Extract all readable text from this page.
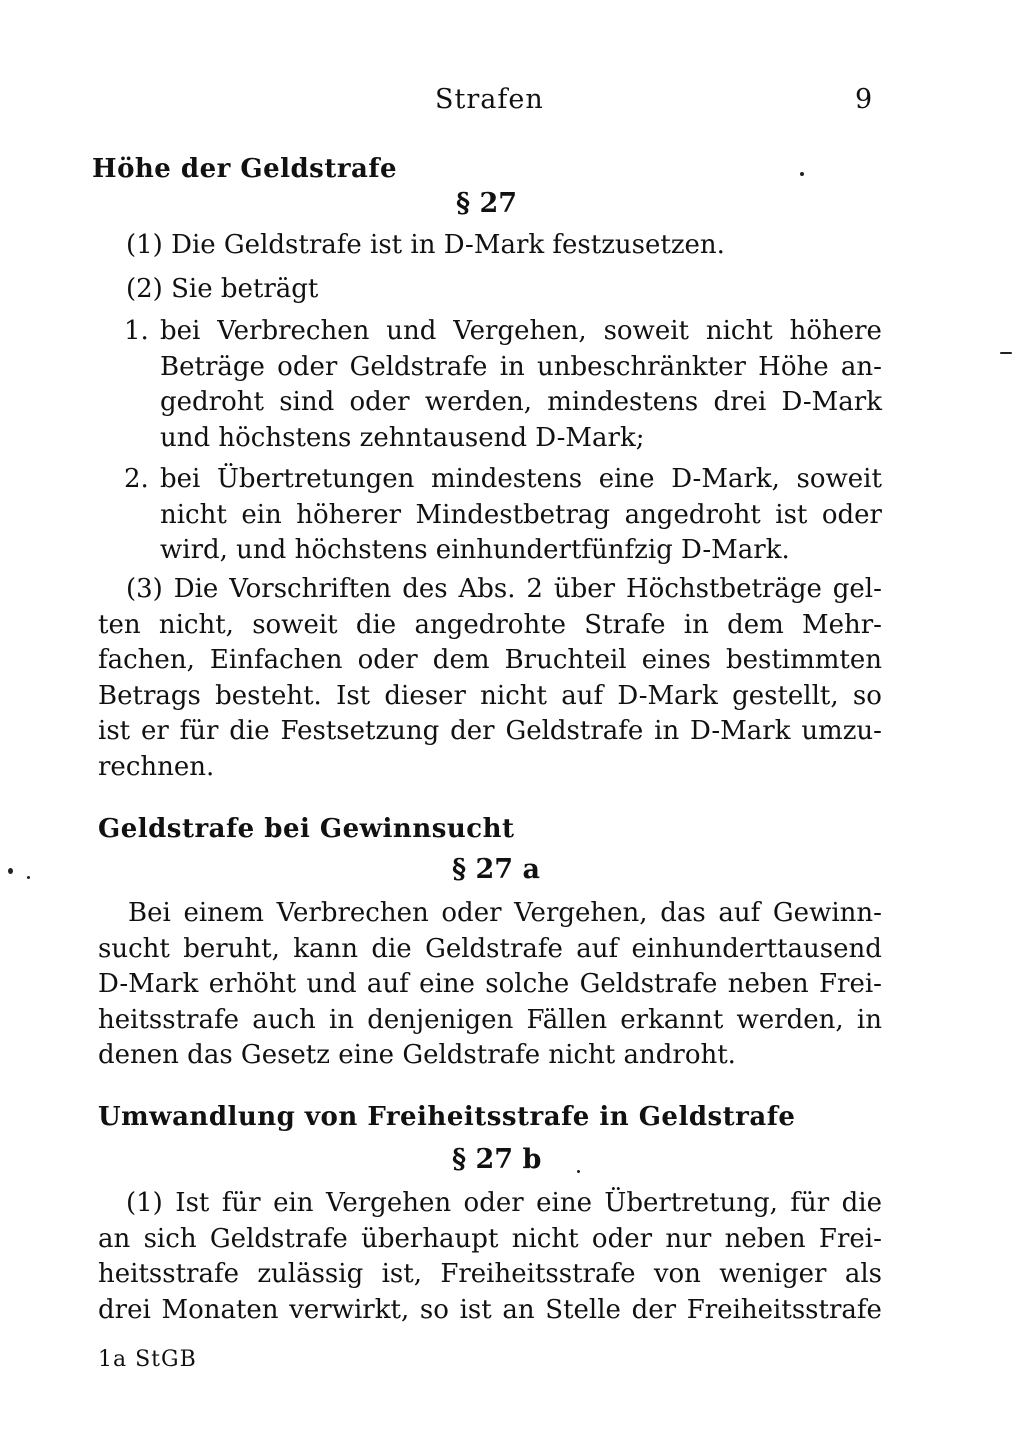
Strafen	9
Höhe der Geldstrafe
§ 27
(1) Die Geldstrafe ist in D-Mark festzusetzen.
(2) Sie beträgt
1. bei Verbrechen und Vergehen, soweit nicht höhere
Beträge oder Geldstrafe in unbeschränkter Höhe an-
gedroht sind oder werden, mindestens drei D-Mark
und höchstens zehntausend D-Mark;
2. bei Übertretungen mindestens eine D-Mark, soweit
nicht ein höherer Mindestbetrag angedroht ist oder
wird, und höchstens einhundertfünfzig D-Mark.
(3) Die Vorschriften des Abs. 2 über Höchstbeträge gel-
ten nicht, soweit die angedrohte Strafe in dem Mehr-
fachen, Einfachen oder dem Bruchteil eines bestimmten
Betrags besteht. Ist dieser nicht auf D-Mark gestellt, so
ist er für die Festsetzung der Geldstrafe in D-Mark umzu-
rechnen.
Geldstrafe bei Gewinnsucht
§ 27 a
Bei einem Verbrechen oder Vergehen, das auf Gewinn-
sucht beruht, kann die Geldstrafe auf einhunderttausend
D-Mark erhöht und auf eine solche Geldstrafe neben Frei-
heitsstrafe auch in denjenigen Fällen erkannt werden, in
denen das Gesetz eine Geldstrafe nicht androht.
Umwandlung von Freiheitsstrafe in Geldstrafe
§ 27 b
(1) Ist für ein Vergehen oder eine Übertretung, für die
an sich Geldstrafe überhaupt nicht oder nur neben Frei-
heitsstrafe zulässig ist, Freiheitsstrafe von weniger als
drei Monaten verwirkt, so ist an Stelle der Freiheitsstrafe
1a StGB
